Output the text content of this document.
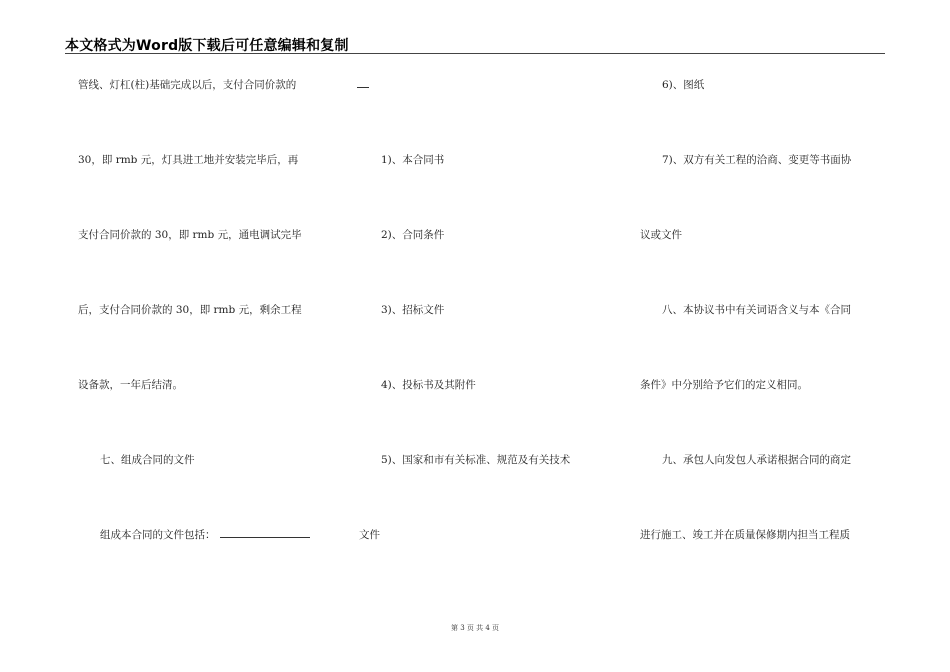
本文格式为Word版下载后可任意编辑和复制
管线、灯杠(柱)基础完成以后，支付合同价款的
30，即 rmb 元，灯具进工地并安装完毕后，再
支付合同价款的 30，即 rmb 元，通电调试完毕
后，支付合同价款的 30，即 rmb 元，剩余工程
设备款，一年后结清。
七、组成合同的文件
组成本合同的文件包括：
1)、本合同书
2)、合同条件
3)、招标文件
4)、投标书及其附件
5)、国家和市有关标准、规范及有关技术
文件
6)、图纸
7)、双方有关工程的洽商、变更等书面协
议或文件
八、本协议书中有关词语含义与本《合同
条件》中分别给予它们的定义相同。
九、承包人向发包人承诺根据合同的商定
进行施工、竣工并在质量保修期内担当工程质
第 3 页 共 4 页
